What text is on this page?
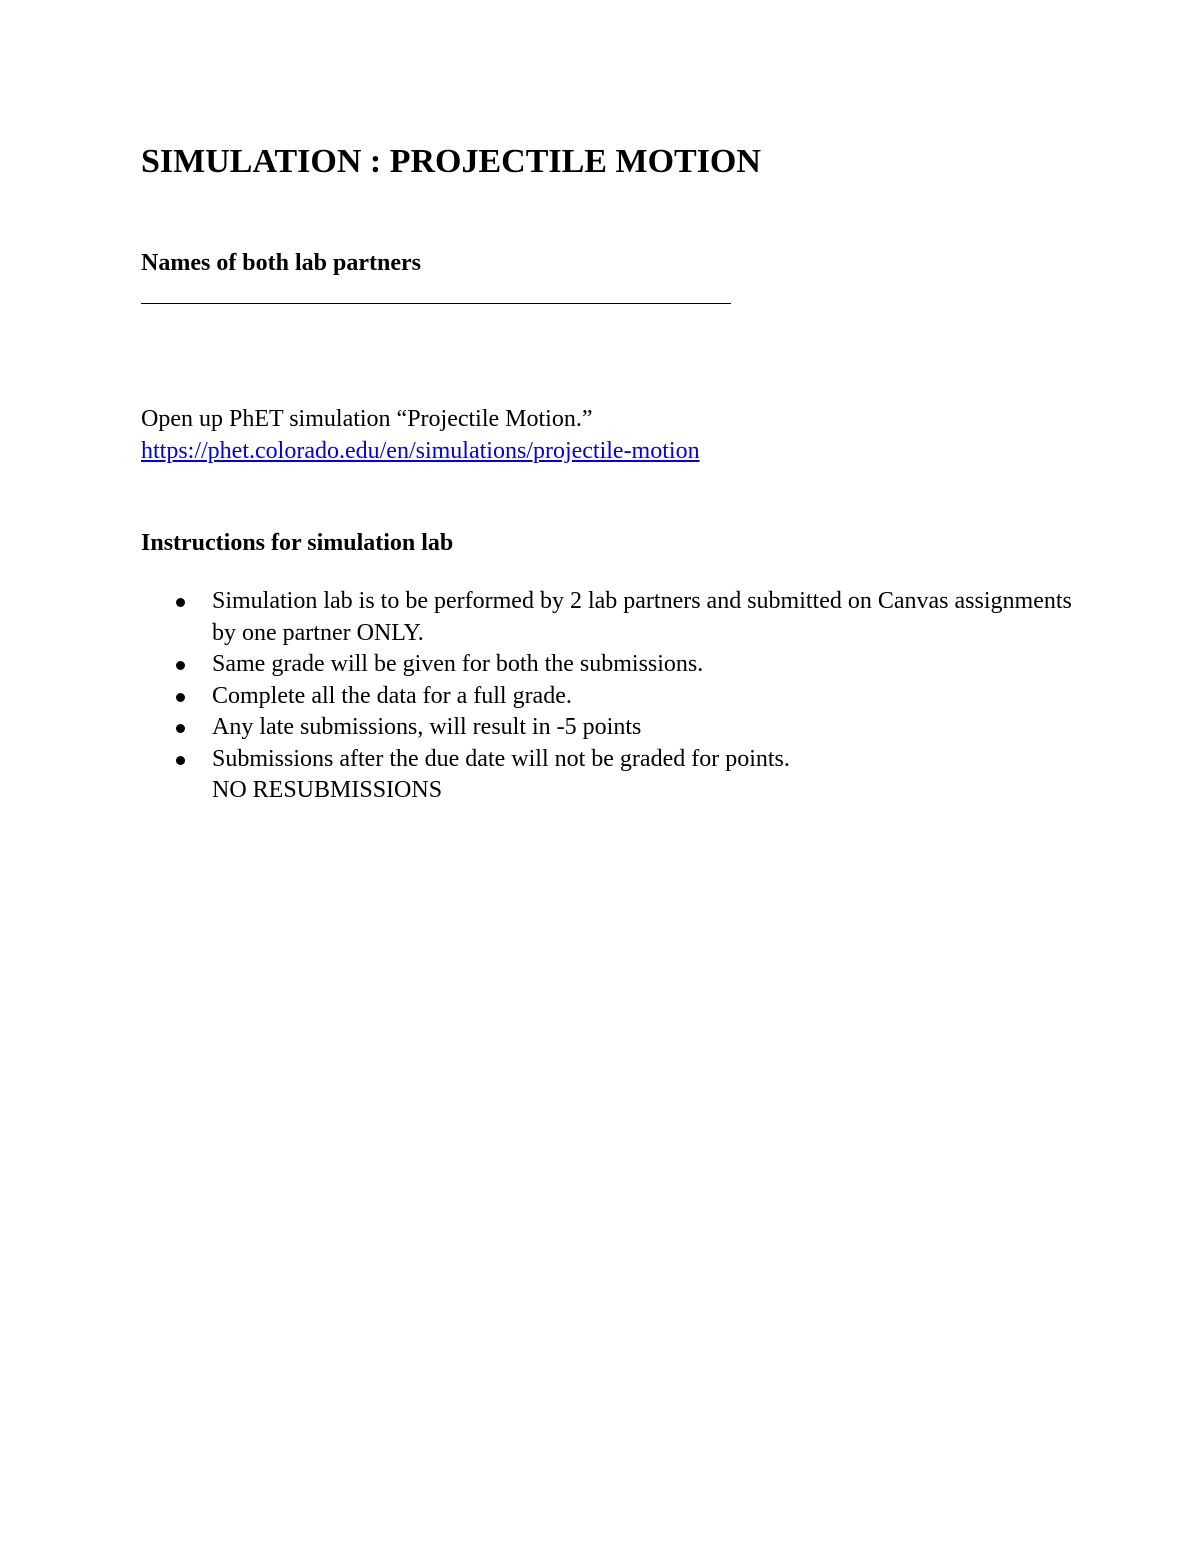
SIMULATION : PROJECTILE MOTION
Names of both lab partners
Open up PhET simulation “Projectile Motion.”
https://phet.colorado.edu/en/simulations/projectile-motion
Instructions for simulation lab
Simulation lab is to be performed by 2 lab partners and submitted on Canvas assignments by one partner ONLY.
Same grade will be given for both the submissions.
Complete all the data for a full grade.
Any late submissions, will result in -5 points
Submissions after the due date will not be graded for points.
NO RESUBMISSIONS
